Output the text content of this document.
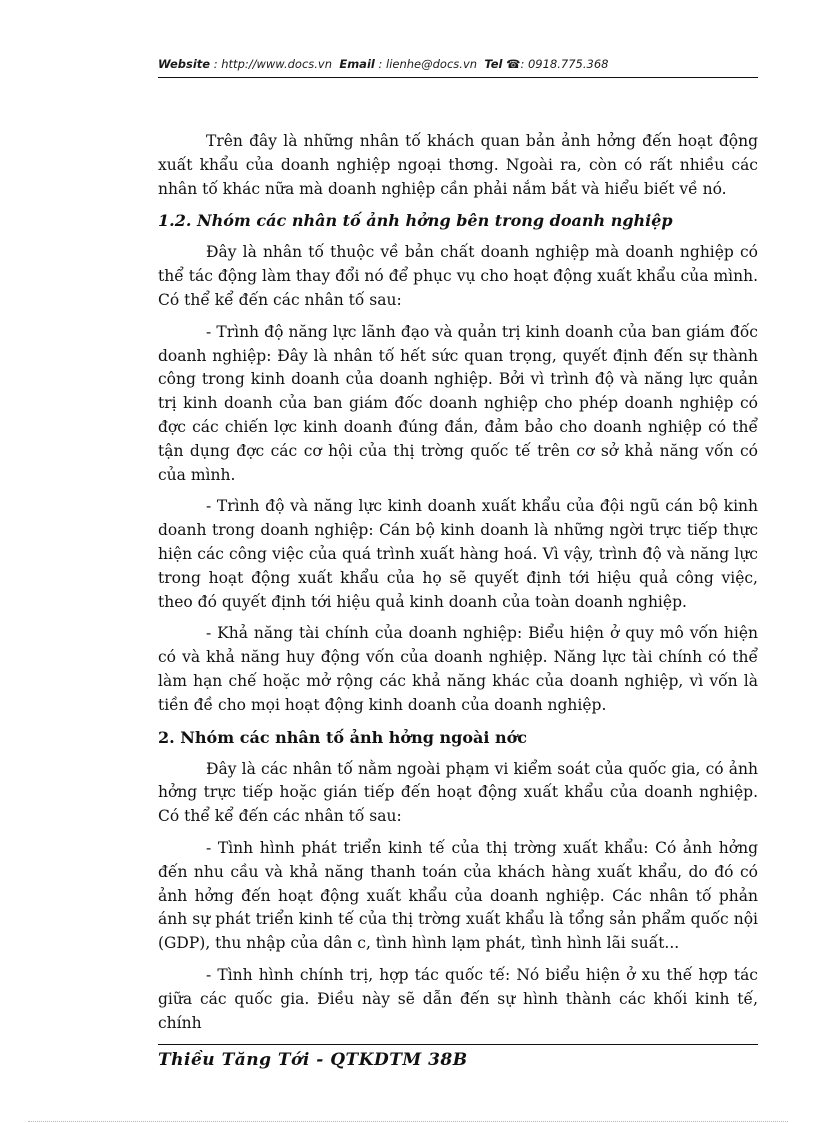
Website : http://www.docs.vn Email : lienhe@docs.vn Tel ☎: 0918.775.368

Trên đây là những nhân tố khách quan bản ảnh hởng đến hoạt động xuất khẩu của doanh nghiệp ngoại thơng. Ngoài ra, còn có rất nhiều các nhân tố khác nữa mà doanh nghiệp cần phải nắm bắt và hiểu biết về nó.

1.2. Nhóm các nhân tố ảnh hởng bên trong doanh nghiệp

Đây là nhân tố thuộc về bản chất doanh nghiệp mà doanh nghiệp có thể tác động làm thay đổi nó để phục vụ cho hoạt động xuất khẩu của mình. Có thể kể đến các nhân tố sau:

- Trình độ năng lực lãnh đạo và quản trị kinh doanh của ban giám đốc doanh nghiệp: Đây là nhân tố hết sức quan trọng, quyết định đến sự thành công trong kinh doanh của doanh nghiệp. Bởi vì trình độ và năng lực quản trị kinh doanh của ban giám đốc doanh nghiệp cho phép doanh nghiệp có đợc các chiến lợc kinh doanh đúng đắn, đảm bảo cho doanh nghiệp có thể tận dụng đợc các cơ hội của thị trờng quốc tế trên cơ sở khả năng vốn có của mình.

- Trình độ và năng lực kinh doanh xuất khẩu của đội ngũ cán bộ kinh doanh trong doanh nghiệp: Cán bộ kinh doanh là những ngời trực tiếp thực hiện các công việc của quá trình xuất hàng hoá. Vì vậy, trình độ và năng lực trong hoạt động xuất khẩu của họ sẽ quyết định tới hiệu quả công việc, theo đó quyết định tới hiệu quả kinh doanh của toàn doanh nghiệp.

- Khả năng tài chính của doanh nghiệp: Biểu hiện ở quy mô vốn hiện có và khả năng huy động vốn của doanh nghiệp. Năng lực tài chính có thể làm hạn chế hoặc mở rộng các khả năng khác của doanh nghiệp, vì vốn là tiền đề cho mọi hoạt động kinh doanh của doanh nghiệp.

2. Nhóm các nhân tố ảnh hởng ngoài nớc

Đây là các nhân tố nằm ngoài phạm vi kiểm soát của quốc gia, có ảnh hởng trực tiếp hoặc gián tiếp đến hoạt động xuất khẩu của doanh nghiệp. Có thể kể đến các nhân tố sau:

- Tình hình phát triển kinh tế của thị trờng xuất khẩu: Có ảnh hởng đến nhu cầu và khả năng thanh toán của khách hàng xuất khẩu, do đó có ảnh hởng đến hoạt động xuất khẩu của doanh nghiệp. Các nhân tố phản ánh sự phát triển kinh tế của thị trờng xuất khẩu là tổng sản phẩm quốc nội (GDP), thu nhập của dân c, tình hình lạm phát, tình hình lãi suất...

- Tình hình chính trị, hợp tác quốc tế: Nó biểu hiện ở xu thế hợp tác giữa các quốc gia. Điều này sẽ dẫn đến sự hình thành các khối kinh tế, chính

Thiều Tăng Tới - QTKDTM 38B
